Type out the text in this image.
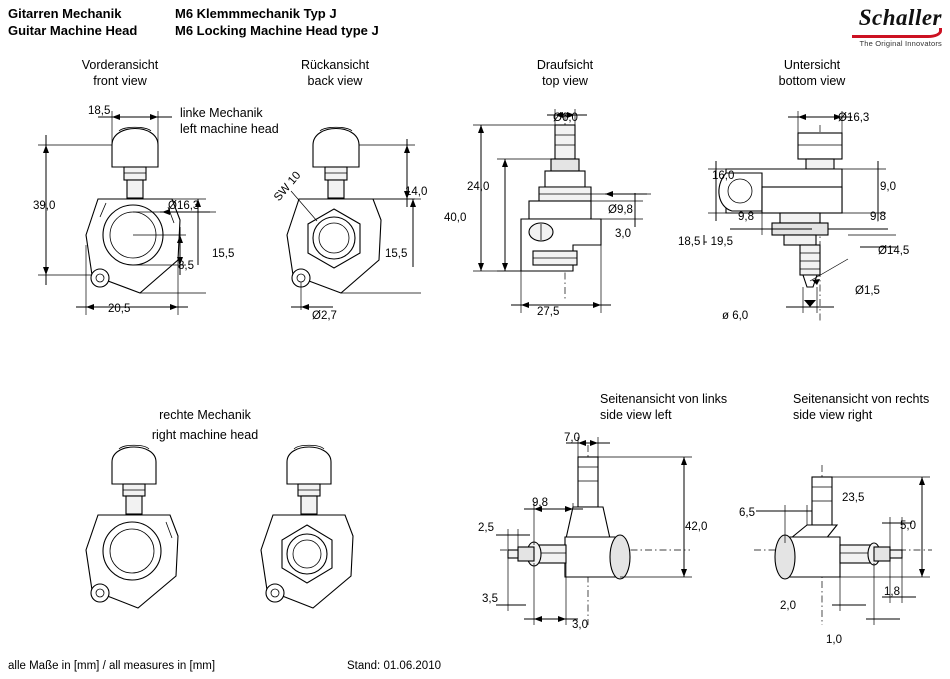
Gitarren Mechanik
Guitar Machine Head
M6 Klemmmechanik Typ J
M6 Locking Machine Head type J
Schaller
The Original Innovators
Vorderansicht
front view
Rückansicht
back view
Draufsicht
top view
Untersicht
bottom view
18,5
39,0	Ø16,3
8,5
15,5
20,5
linke Mechanik
left machine head
14,0
SW 10
15,5
Ø2,7
Ø6,0
24,0
40,0
Ø9,8
3,0
27,5
Ø16,3
16,0
9,0
9,8	9,8
18,5 - 19,5
Ø14,5
Ø1,5
ø 6,0
rechte Mechanik
right machine head
Seitenansicht von links
side view left
Seitenansicht von rechts
side view right
7,0
9,8
2,5	42,0
3,5
3,0
23,5
6,5
5,0
2,0
1,8
1,0
alle Maße in [mm] / all measures in [mm]	Stand: 01.06.2010
